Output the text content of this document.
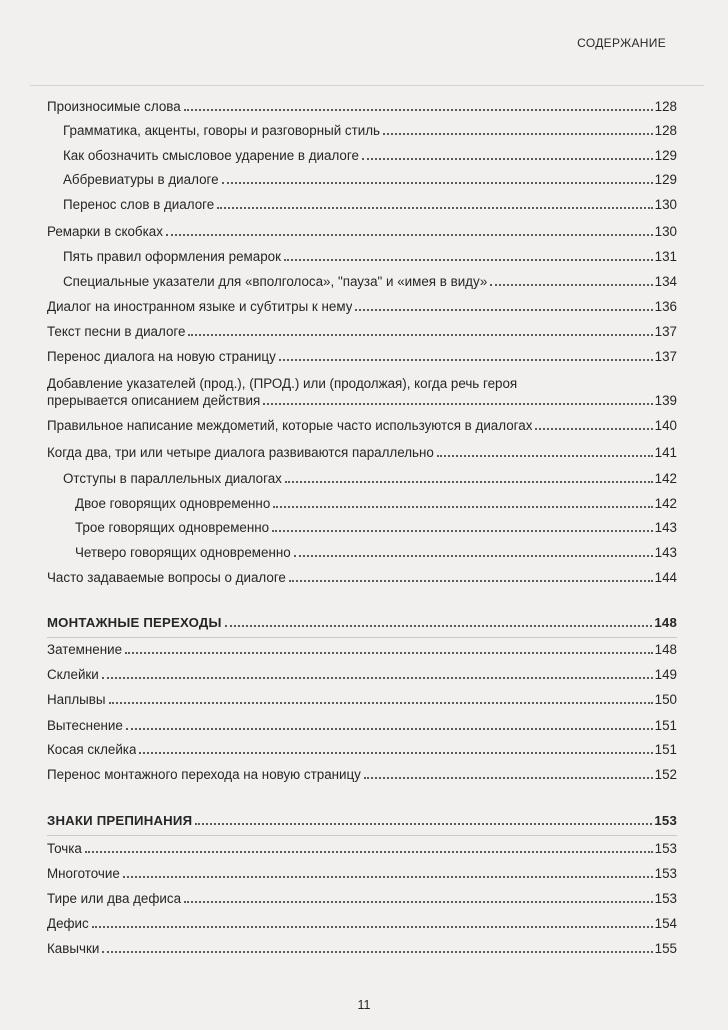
СОДЕРЖАНИЕ
Произносимые слова	128
Грамматика, акценты, говоры и разговорный стиль	128
Как обозначить смысловое ударение в диалоге	129
Аббревиатуры в диалоге	129
Перенос слов в диалоге	130
Ремарки в скобках	130
Пять правил оформления ремарок	131
Специальные указатели для «вполголоса», "пауза" и «имея в виду»	134
Диалог на иностранном языке и субтитры к нему	136
Текст песни в диалоге	137
Перенос диалога на новую страницу	137
Добавление указателей (прод.), (ПРОД.) или (продолжая), когда речь героя
прерывается описанием действия	139
Правильное написание междометий, которые часто используются в диалогах	140
Когда два, три или четыре диалога развиваются параллельно	141
Отступы в параллельных диалогах	142
Двое говорящих одновременно	142
Трое говорящих одновременно	143
Четверо говорящих одновременно	143
Часто задаваемые вопросы о диалоге	144
МОНТАЖНЫЕ ПЕРЕХОДЫ	148
Затемнение	148
Склейки	149
Наплывы	150
Вытеснение	151
Косая склейка	151
Перенос монтажного перехода на новую страницу	152
ЗНАКИ ПРЕПИНАНИЯ	153
Точка	153
Многоточие	153
Тире или два дефиса	153
Дефис	154
Кавычки	155
11
